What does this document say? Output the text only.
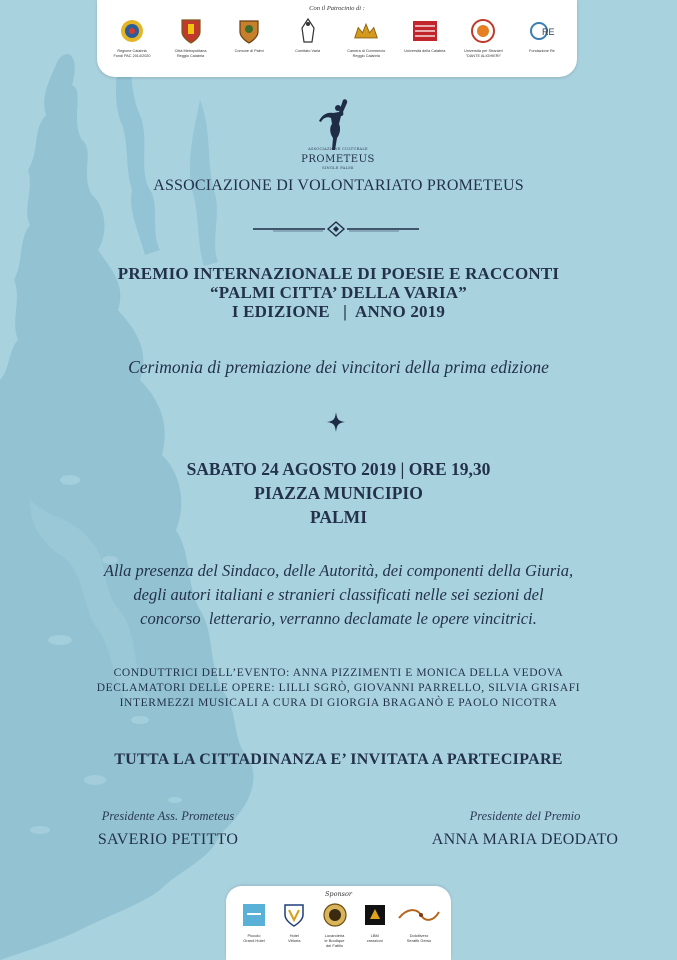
Con il Patrocinio di :
Regione Calabria
Fondi PAC 2014/2020
Città Metropolitana
Reggio Calabria
Comune di Palmi	Comitato Varia	Camera di Commercio
Reggio Calabria
Università della Calabria	Università per Stranieri
"DANTE ALIGHIERI"
RE
Fondazione Re
ASSOCIAZIONE CULTURALE
PROMETEUS
SINGLE PALMI
ASSOCIAZIONE DI VOLONTARIATO PROMETEUS
PREMIO INTERNAZIONALE DI POESIE E RACCONTI
“PALMI CITTA’ DELLA VARIA”
I EDIZIONE   |  ANNO 2019
Cerimonia di premiazione dei vincitori della prima edizione
SABATO 24 AGOSTO 2019 | ORE 19,30
PIAZZA MUNICIPIO
PALMI
Alla presenza del Sindaco, delle Autorità, dei componenti della Giuria,
degli autori italiani e stranieri classificati nelle sei sezioni del
concorso  letterario, verranno declamate le opere vincitrici.
CONDUTTRICI DELL’EVENTO: ANNA PIZZIMENTI E MONICA DELLA VEDOVA
DECLAMATORI DELLE OPERE: LILLI SGRÒ, GIOVANNI PARRELLO, SILVIA GRISAFI
INTERMEZZI MUSICALI A CURA DI GIORGIA BRAGANÒ E PAOLO NICOTRA
TUTTA LA CITTADINANZA E’ INVITATA A PARTECIPARE
Presidente Ass. Prometeus
SAVERIO PETITTO
Presidente del Premio
ANNA MARIA DEODATO
Sponsor
Piccolo
Grand Hotel
Hotel
Vittoria
Locanderia
le Boutique
del Fatillo
LBM
creazioni
Dolcitivero
Serafik Gerso
